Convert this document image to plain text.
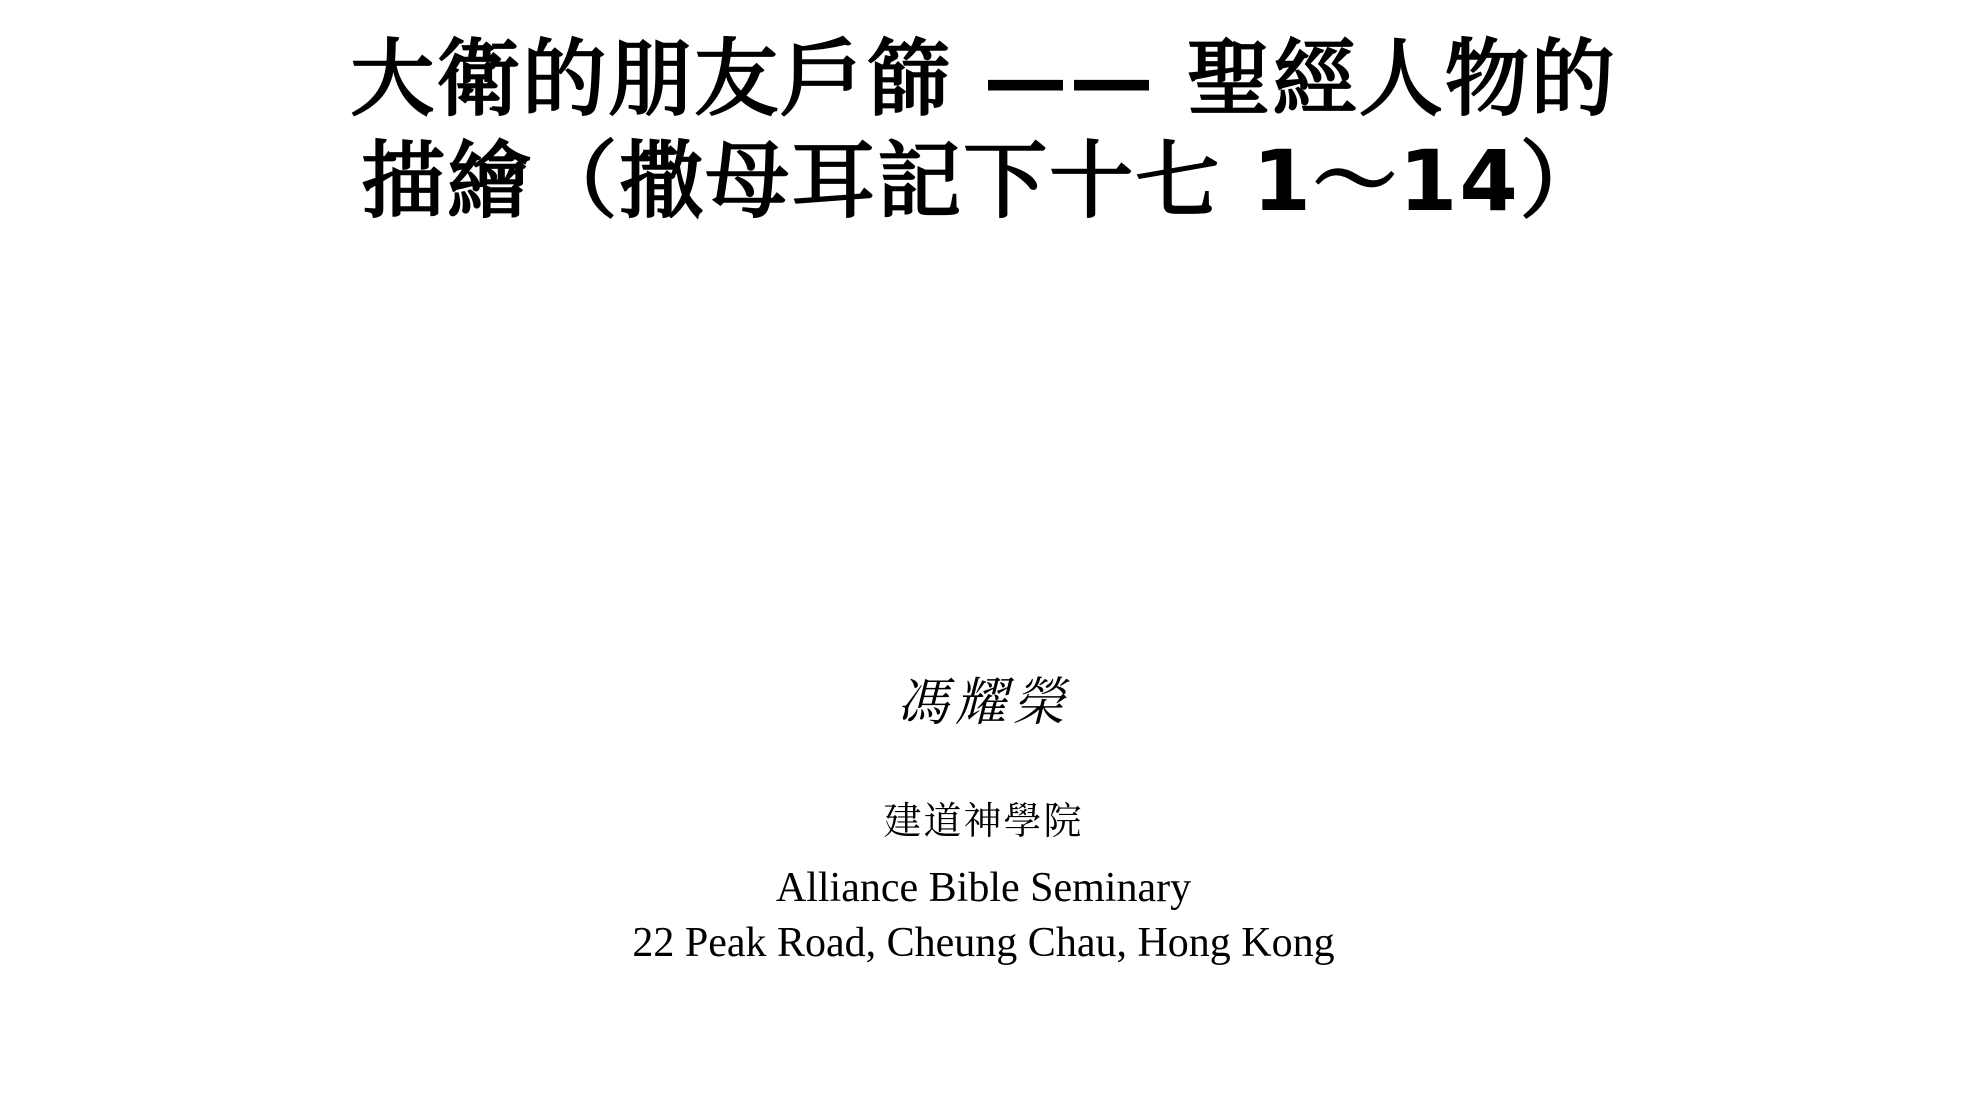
大衛的朋友戶篩 —— 聖經人物的
描繪（撒母耳記下十七 1～14）
馮耀榮
建道神學院
Alliance Bible Seminary
22 Peak Road, Cheung Chau, Hong Kong
